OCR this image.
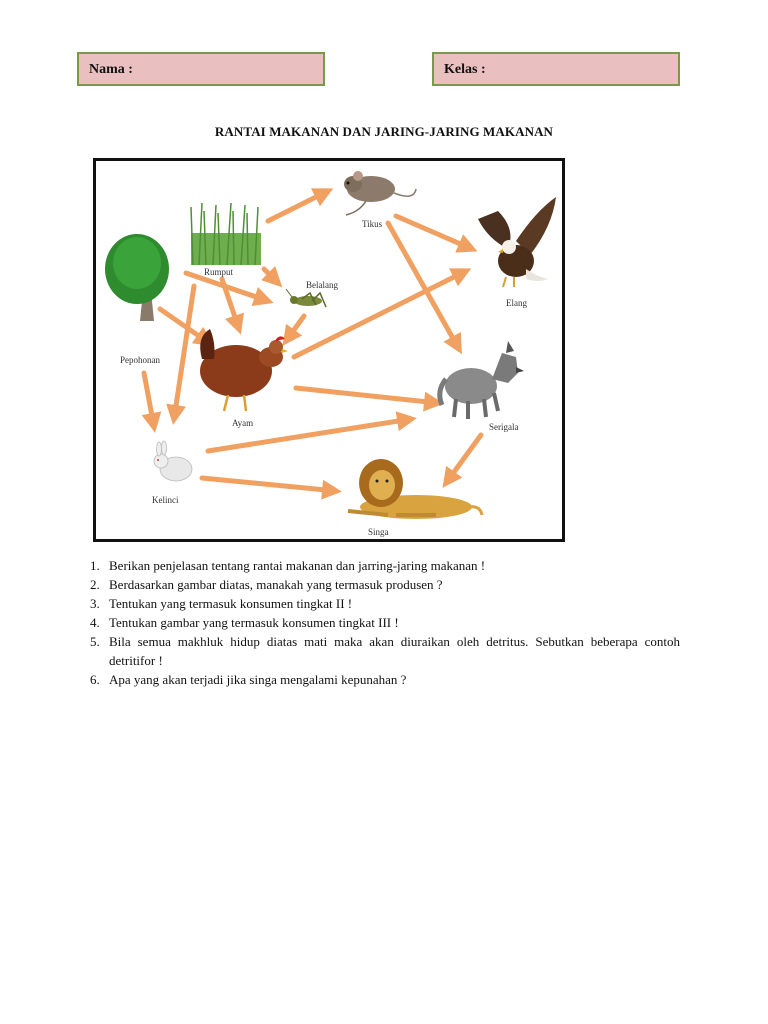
Nama :	Kelas :
RANTAI MAKANAN DAN JARING-JARING MAKANAN
Tikus
Elang
Rumput
Belalang
Pepohonan
Ayam	Serigala
Kelinci
Singa
1. Berikan penjelasan tentang rantai makanan dan jarring-jaring makanan !
2. Berdasarkan gambar diatas, manakah yang termasuk produsen ?
3. Tentukan yang termasuk konsumen tingkat II !
4. Tentukan gambar yang termasuk konsumen tingkat III !
5. Bila semua makhluk hidup diatas mati maka akan diuraikan oleh detritus. Sebutkan beberapa contoh detritifor !
6. Apa yang akan terjadi jika singa mengalami kepunahan ?
